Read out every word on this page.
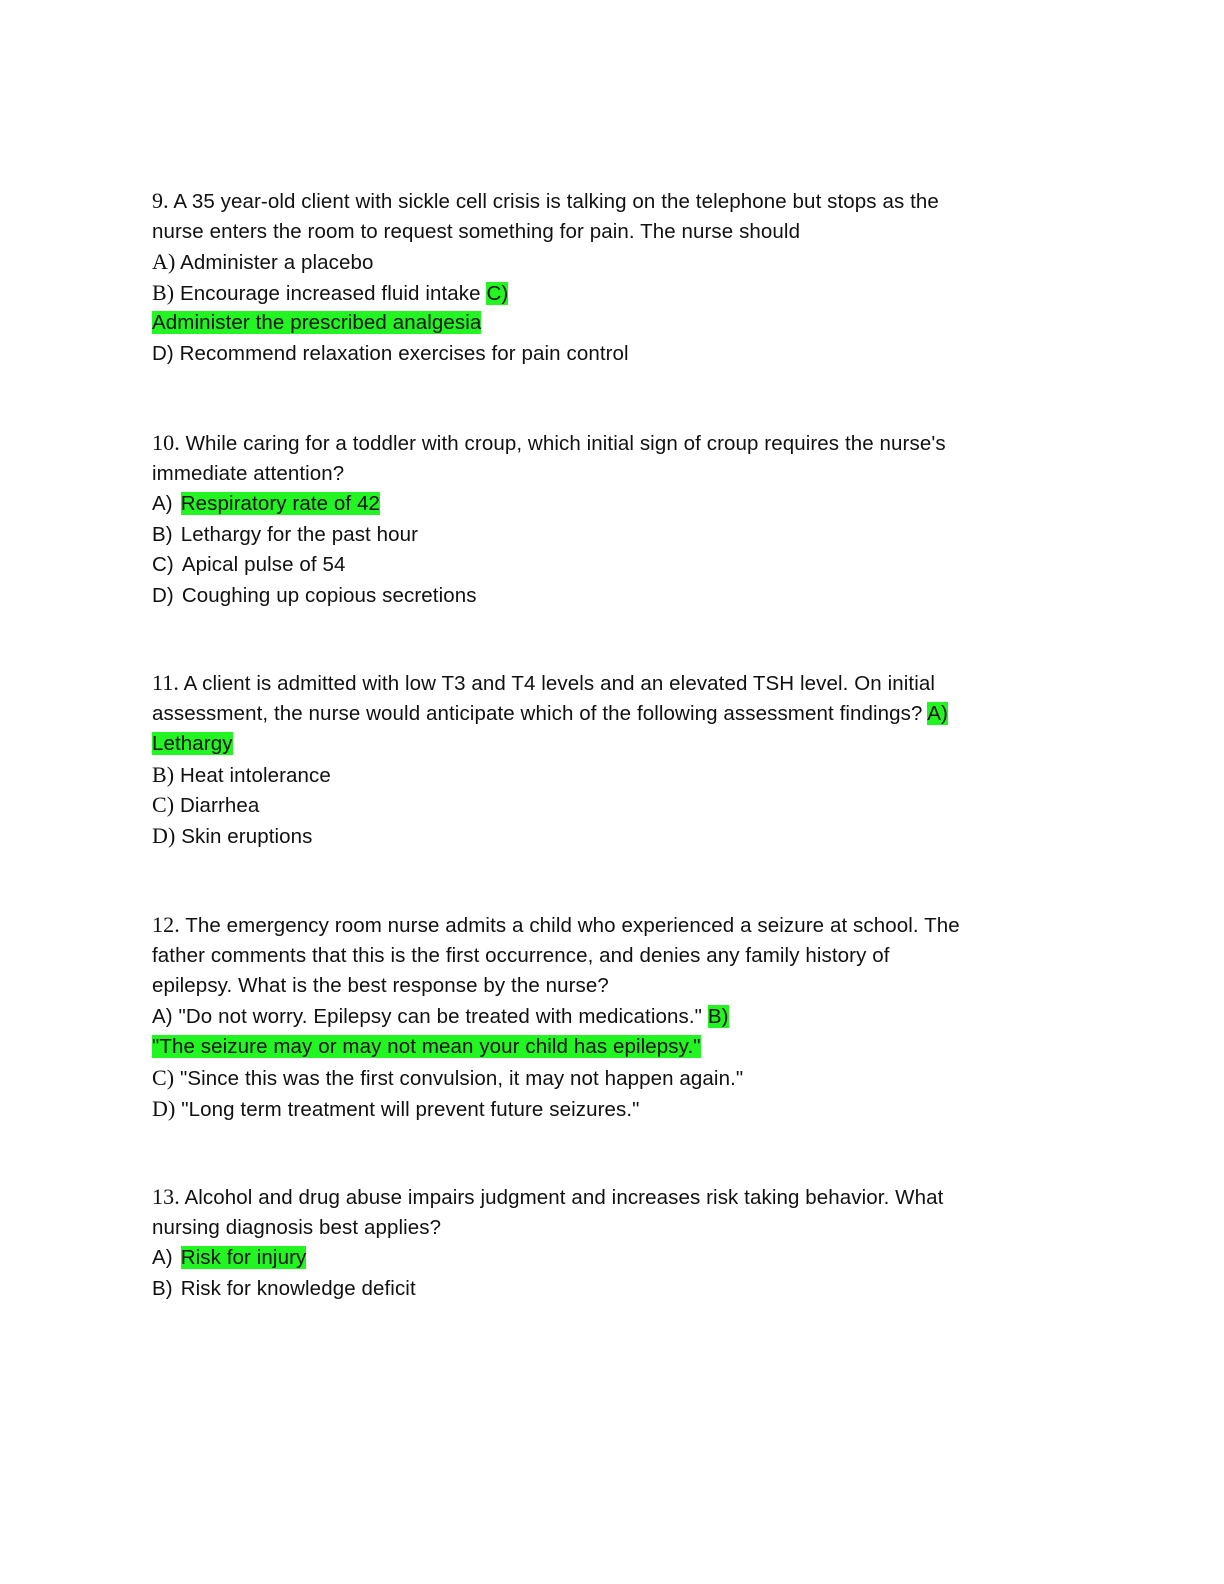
9. A 35 year-old client with sickle cell crisis is talking on the telephone but stops as the
nurse enters the room to request something for pain. The nurse should
A) Administer a placebo
B) Encourage increased fluid intake C)
Administer the prescribed analgesia
D) Recommend relaxation exercises for pain control
10. While caring for a toddler with croup, which initial sign of croup requires the nurse's
immediate attention?
A) Respiratory rate of 42
B) Lethargy for the past hour
C) Apical pulse of 54
D) Coughing up copious secretions
11. A client is admitted with low T3 and T4 levels and an elevated TSH level. On initial
assessment, the nurse would anticipate which of the following assessment findings? A)
Lethargy
B) Heat intolerance
C) Diarrhea
D) Skin eruptions
12. The emergency room nurse admits a child who experienced a seizure at school. The
father comments that this is the first occurrence, and denies any family history of
epilepsy. What is the best response by the nurse?
A) "Do not worry. Epilepsy can be treated with medications." B)
"The seizure may or may not mean your child has epilepsy."
C) "Since this was the first convulsion, it may not happen again."
D) "Long term treatment will prevent future seizures."
13. Alcohol and drug abuse impairs judgment and increases risk taking behavior. What
nursing diagnosis best applies?
A) Risk for injury
B) Risk for knowledge deficit
